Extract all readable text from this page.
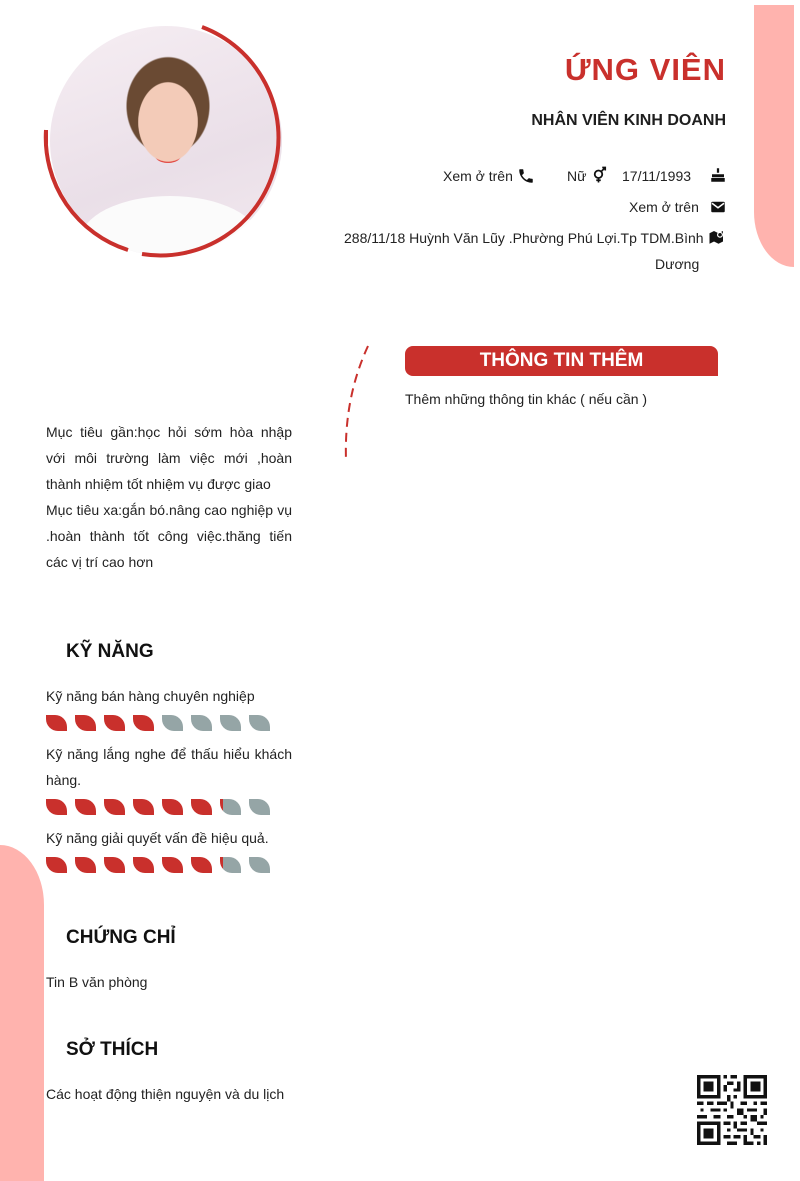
ỨNG VIÊN
NHÂN VIÊN KINH DOANH
Xem ở trên	Nữ	17/11/1993
Xem ở trên
288/11/18 Huỳnh Văn Lũy .Phường Phú Lợi.Tp TDM.Bình
Dương
THÔNG TIN THÊM
Thêm những thông tin khác ( nếu cần )
Mục tiêu gần:học hỏi sớm hòa nhập với môi trường làm việc mới ,hoàn thành nhiệm tốt nhiệm vụ được giao
Mục tiêu xa:gắn bó.nâng cao nghiệp vụ .hoàn thành tốt công việc.thăng tiến các vị trí cao hơn
KỸ NĂNG
Kỹ năng bán hàng chuyên nghiệp
Kỹ năng lắng nghe để thấu hiểu khách hàng.
Kỹ năng giải quyết vấn đề hiệu quả.
CHỨNG CHỈ
Tin B văn phòng
SỞ THÍCH
Các hoạt động thiện nguyện và du lịch
